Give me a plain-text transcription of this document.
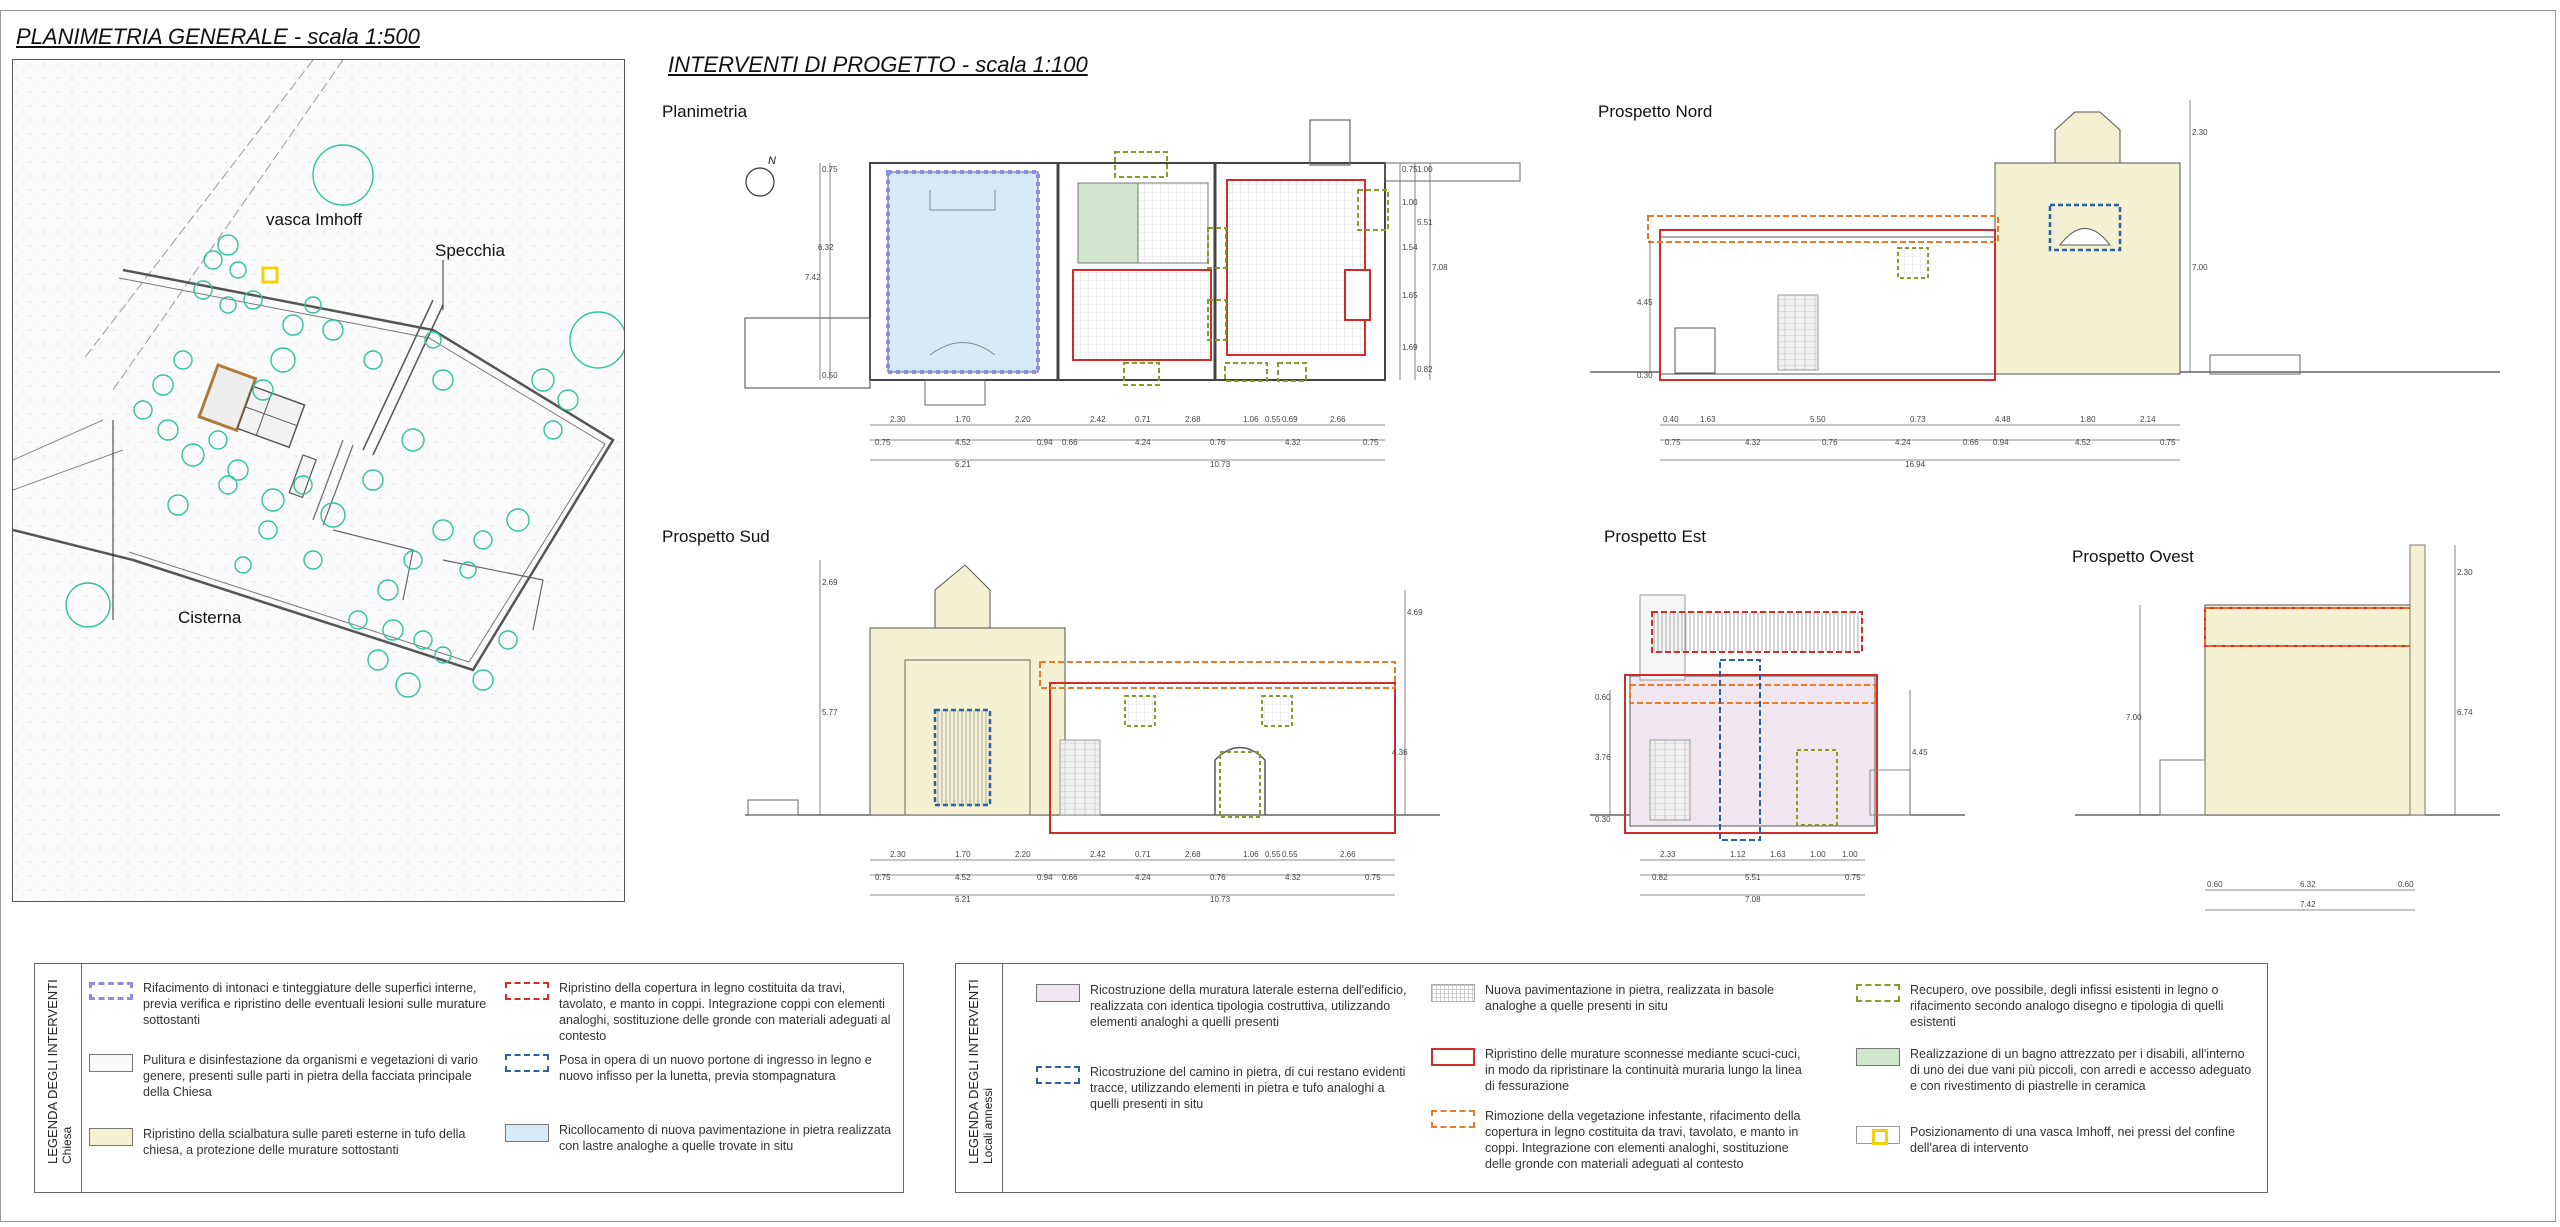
PLANIMETRIA GENERALE - scala 1:500
vasca Imhoff
Specchia
Cisterna
INTERVENTI DI PROGETTO - scala 1:100
Planimetria	Prospetto Nord
Prospetto Sud	Prospetto Est
Prospetto Ovest
N
2.30	1.70	2.20	2.42	0.71	2.68	1.06 0.55 0.69	2.66
0.75	4.52	0.94 0.66	4.24	0.76	4.32	0.75
6.21	10.73
0.75
6.32
7.42
0.50
0.75
1.00
1.00
1.54
1.65
1.69
0.82
5.51
7.08
0.40	1.63	5.50	0.73	4.48	1.80	2.14
0.75	4.32	0.76	4.24	0.66 0.94	4.52	0.75
16.94
2.30
7.00
4.45
0.30
2.30	1.70	2.20	2.42	0.71	2.68	1.06 0.55 0.55	2.66
0.75	4.52	0.94 0.66	4.24	0.76	4.32	0.75
6.21	10.73
2.69
5.77
4.69
4.36
2.33	1.12	1.63	1.00 1.00
0.82	5.51	0.75
7.08
0.60
3.76
0.30
4.45
0.60	6.32	0.60
7.42
2.30
7.00
6.74
LEGENDA DEGLI INTERVENTI Chiesa
Rifacimento di intonaci e tinteggiature delle superfici interne, previa verifica e ripristino delle eventuali lesioni sulle murature sottostanti
Pulitura e disinfestazione da organismi e vegetazioni di vario genere, presenti sulle parti in pietra della facciata principale della Chiesa
Ripristino della scialbatura sulle pareti esterne in tufo della chiesa, a protezione delle murature sottostanti
Ripristino della copertura in legno costituita da travi, tavolato, e manto in coppi. Integrazione coppi con elementi analoghi, sostituzione delle gronde con materiali adeguati al contesto
Posa in opera di un nuovo portone di ingresso in legno e nuovo infisso per la lunetta, previa stompagnatura
Ricollocamento di nuova pavimentazione in pietra realizzata con lastre analoghe a quelle trovate in situ	LEGENDA DEGLI INTERVENTI Locali annessi
Ricostruzione della muratura laterale esterna dell'edificio, realizzata con identica tipologia costruttiva, utilizzando elementi analoghi a quelli presenti
Ricostruzione del camino in pietra, di cui restano evidenti tracce, utilizzando elementi in pietra e tufo analoghi a quelli presenti in situ
Nuova pavimentazione in pietra, realizzata in basole analoghe a quelle presenti in situ
Ripristino delle murature sconnesse mediante scuci-cuci, in modo da ripristinare la continuità muraria lungo la linea di fessurazione
Rimozione della vegetazione infestante, rifacimento della copertura in legno costituita da travi, tavolato, e manto in coppi. Integrazione con elementi analoghi, sostituzione delle gronde con materiali adeguati al contesto
Recupero, ove possibile, degli infissi esistenti in legno o rifacimento secondo analogo disegno e tipologia di quelli esistenti
Realizzazione di un bagno attrezzato per i disabili, all'interno di uno dei due vani più piccoli, con arredi e accesso adeguato e con rivestimento di piastrelle in ceramica
Posizionamento di una vasca Imhoff, nei pressi del confine dell'area di intervento
